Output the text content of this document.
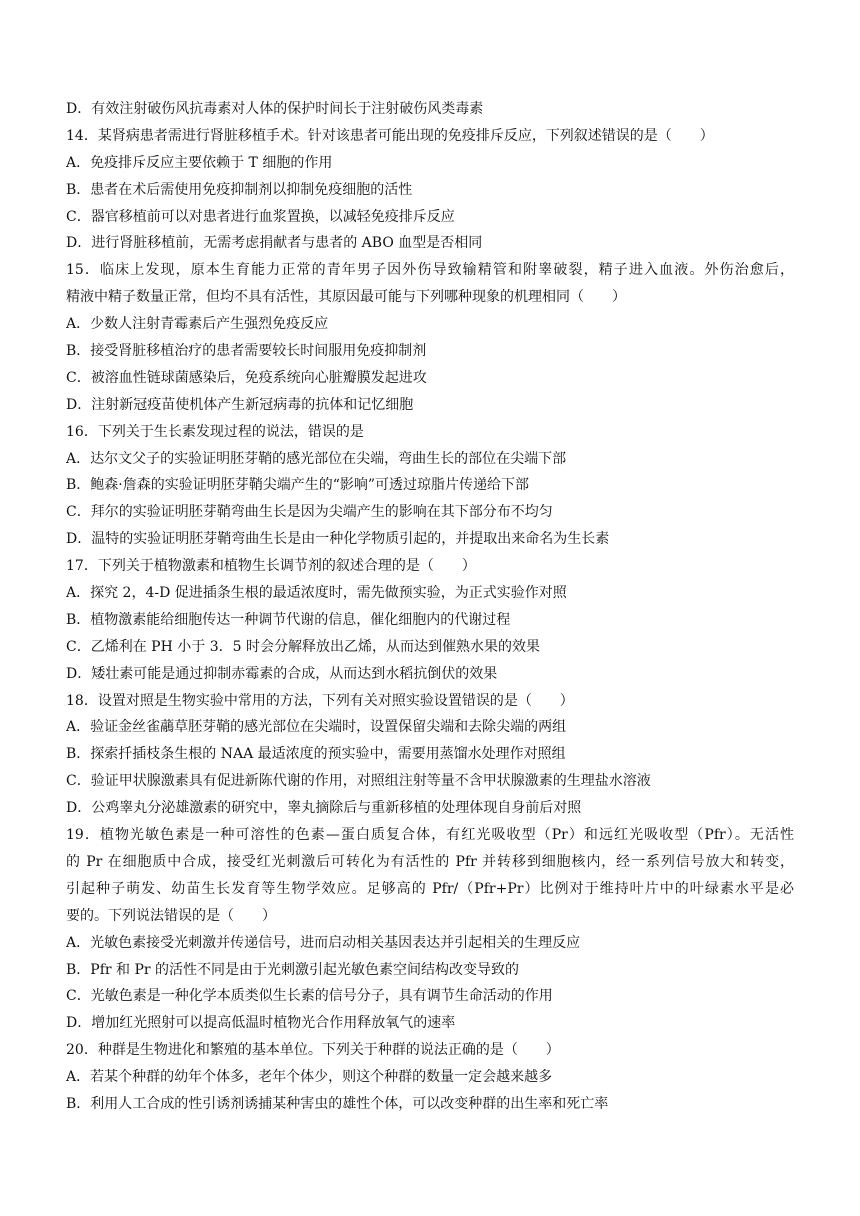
D．有效注射破伤风抗毒素对人体的保护时间长于注射破伤风类毒素
14．某肾病患者需进行肾脏移植手术。针对该患者可能出现的免疫排斥反应，下列叙述错误的是（　　）
A．免疫排斥反应主要依赖于 T 细胞的作用
B．患者在术后需使用免疫抑制剂以抑制免疫细胞的活性
C．器官移植前可以对患者进行血浆置换，以减轻免疫排斥反应
D．进行肾脏移植前，无需考虑捐献者与患者的 ABO 血型是否相同
15．临床上发现，原本生育能力正常的青年男子因外伤导致输精管和附睾破裂，精子进入血液。外伤治愈后，
精液中精子数量正常，但均不具有活性，其原因最可能与下列哪种现象的机理相同（　　）
A．少数人注射青霉素后产生强烈免疫反应
B．接受肾脏移植治疗的患者需要较长时间服用免疫抑制剂
C．被溶血性链球菌感染后，免疫系统向心脏瓣膜发起进攻
D．注射新冠疫苗使机体产生新冠病毒的抗体和记忆细胞
16．下列关于生长素发现过程的说法，错误的是
A．达尔文父子的实验证明胚芽鞘的感光部位在尖端，弯曲生长的部位在尖端下部
B．鲍森·詹森的实验证明胚芽鞘尖端产生的“影响”可透过琼脂片传递给下部
C．拜尔的实验证明胚芽鞘弯曲生长是因为尖端产生的影响在其下部分布不均匀
D．温特的实验证明胚芽鞘弯曲生长是由一种化学物质引起的，并提取出来命名为生长素
17．下列关于植物激素和植物生长调节剂的叙述合理的是（　　）
A．探究 2，4-D 促进插条生根的最适浓度时，需先做预实验，为正式实验作对照
B．植物激素能给细胞传达一种调节代谢的信息，催化细胞内的代谢过程
C．乙烯利在 PH 小于 3．5 时会分解释放出乙烯，从而达到催熟水果的效果
D．矮壮素可能是通过抑制赤霉素的合成，从而达到水稻抗倒伏的效果
18．设置对照是生物实验中常用的方法，下列有关对照实验设置错误的是（　　）
A．验证金丝雀虉草胚芽鞘的感光部位在尖端时，设置保留尖端和去除尖端的两组
B．探索扦插枝条生根的 NAA 最适浓度的预实验中，需要用蒸馏水处理作对照组
C．验证甲状腺激素具有促进新陈代谢的作用，对照组注射等量不含甲状腺激素的生理盐水溶液
D．公鸡睾丸分泌雄激素的研究中，睾丸摘除后与重新移植的处理体现自身前后对照
19．植物光敏色素是一种可溶性的色素—蛋白质复合体，有红光吸收型（Pr）和远红光吸收型（Pfr）。无活性
的 Pr 在细胞质中合成，接受红光刺激后可转化为有活性的 Pfr 并转移到细胞核内，经一系列信号放大和转变，
引起种子萌发、幼苗生长发育等生物学效应。足够高的 Pfr/（Pfr+Pr）比例对于维持叶片中的叶绿素水平是必
要的。下列说法错误的是（　　）
A．光敏色素接受光刺激并传递信号，进而启动相关基因表达并引起相关的生理反应
B．Pfr 和 Pr 的活性不同是由于光刺激引起光敏色素空间结构改变导致的
C．光敏色素是一种化学本质类似生长素的信号分子，具有调节生命活动的作用
D．增加红光照射可以提高低温时植物光合作用释放氧气的速率
20．种群是生物进化和繁殖的基本单位。下列关于种群的说法正确的是（　　）
A．若某个种群的幼年个体多，老年个体少，则这个种群的数量一定会越来越多
B．利用人工合成的性引诱剂诱捕某种害虫的雄性个体，可以改变种群的出生率和死亡率
